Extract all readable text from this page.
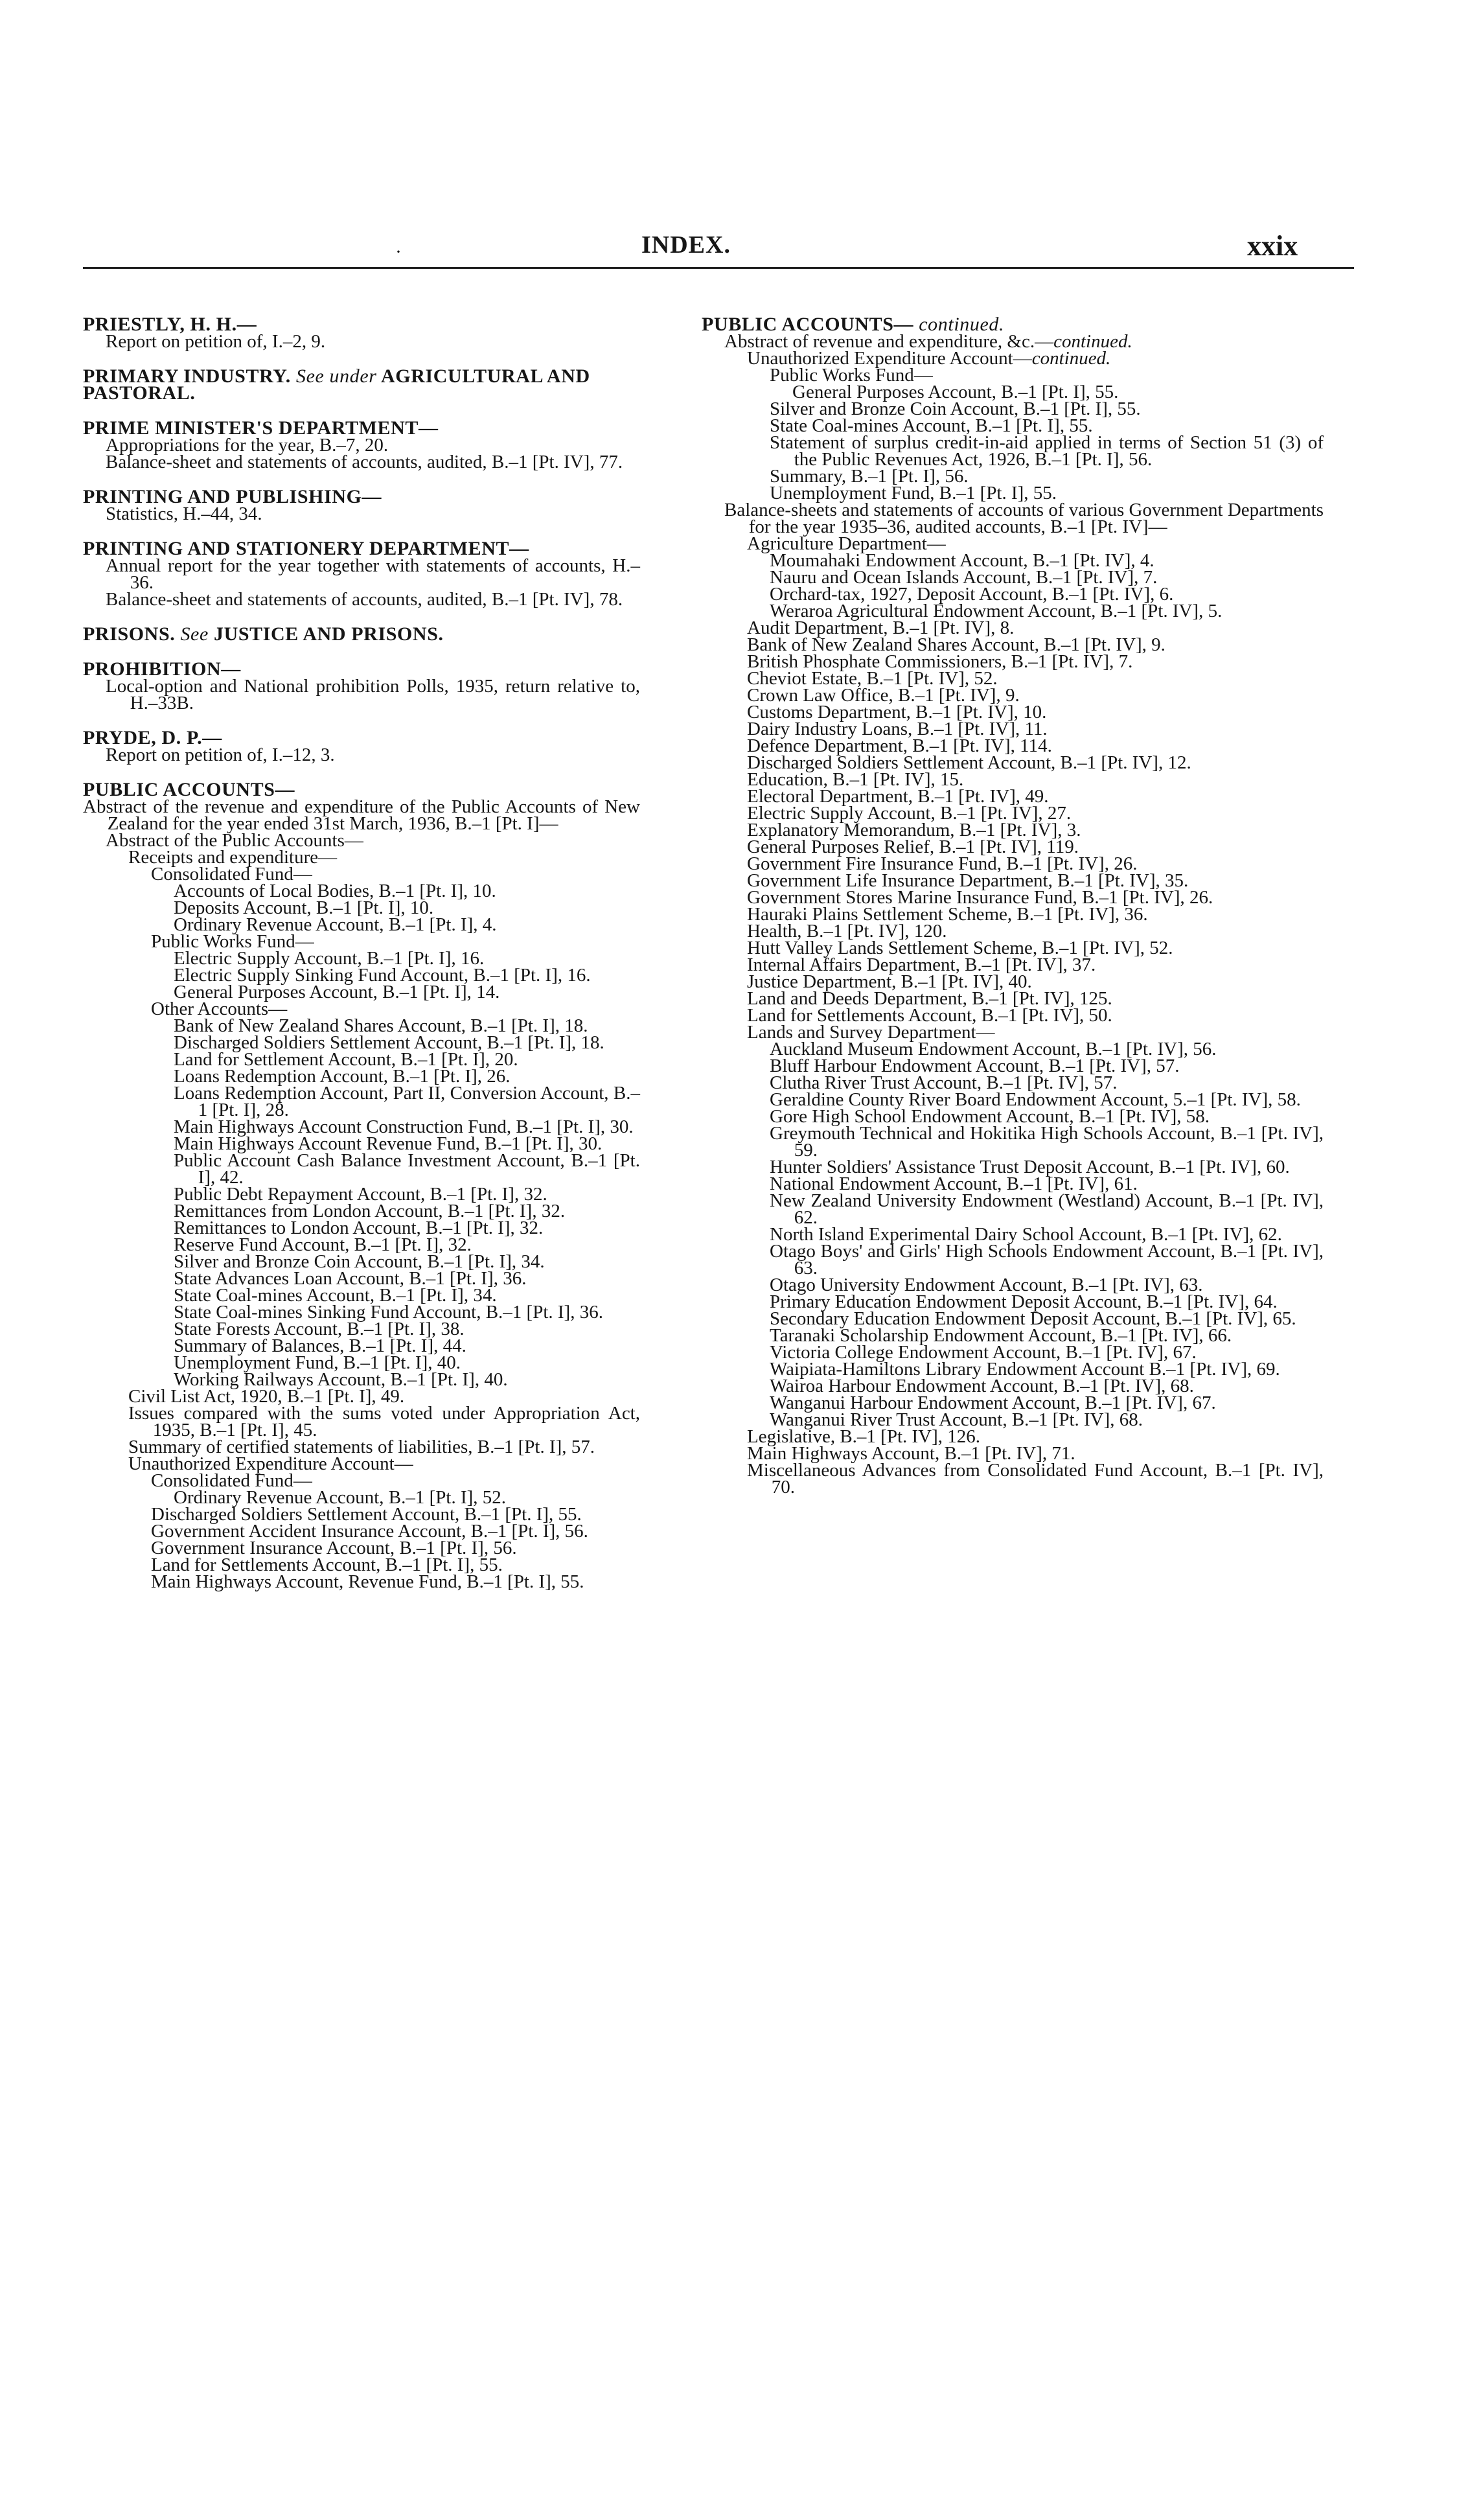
·	INDEX.	xxix
PRIESTLY, H. H.—
Report on petition of, I.–2, 9.
PRIMARY INDUSTRY. See under AGRICULTURAL AND PASTORAL.
PRIME MINISTER'S DEPARTMENT—
Appropriations for the year, B.–7, 20.
Balance-sheet and statements of accounts, audited, B.–1 [Pt. IV], 77.
PRINTING AND PUBLISHING—
Statistics, H.–44, 34.
PRINTING AND STATIONERY DEPARTMENT—
Annual report for the year together with statements of accounts, H.–36.
Balance-sheet and statements of accounts, audited, B.–1 [Pt. IV], 78.
PRISONS. See JUSTICE AND PRISONS.
PROHIBITION—
Local-option and National prohibition Polls, 1935, return relative to, H.–33B.
PRYDE, D. P.—
Report on petition of, I.–12, 3.
PUBLIC ACCOUNTS—
Abstract of the revenue and expenditure of the Public Accounts of New Zealand for the year ended 31st March, 1936, B.–1 [Pt. I]—
Abstract of the Public Accounts—
Receipts and expenditure—
Consolidated Fund—
Accounts of Local Bodies, B.–1 [Pt. I], 10.
Deposits Account, B.–1 [Pt. I], 10.
Ordinary Revenue Account, B.–1 [Pt. I], 4.
Public Works Fund—
Electric Supply Account, B.–1 [Pt. I], 16.
Electric Supply Sinking Fund Account, B.–1 [Pt. I], 16.
General Purposes Account, B.–1 [Pt. I], 14.
Other Accounts—
Bank of New Zealand Shares Account, B.–1 [Pt. I], 18.
Discharged Soldiers Settlement Account, B.–1 [Pt. I], 18.
Land for Settlement Account, B.–1 [Pt. I], 20.
Loans Redemption Account, B.–1 [Pt. I], 26.
Loans Redemption Account, Part II, Conversion Account, B.–1 [Pt. I], 28.
Main Highways Account Construction Fund, B.–1 [Pt. I], 30.
Main Highways Account Revenue Fund, B.–1 [Pt. I], 30.
Public Account Cash Balance Investment Account, B.–1 [Pt. I], 42.
Public Debt Repayment Account, B.–1 [Pt. I], 32.
Remittances from London Account, B.–1 [Pt. I], 32.
Remittances to London Account, B.–1 [Pt. I], 32.
Reserve Fund Account, B.–1 [Pt. I], 32.
Silver and Bronze Coin Account, B.–1 [Pt. I], 34.
State Advances Loan Account, B.–1 [Pt. I], 36.
State Coal-mines Account, B.–1 [Pt. I], 34.
State Coal-mines Sinking Fund Account, B.–1 [Pt. I], 36.
State Forests Account, B.–1 [Pt. I], 38.
Summary of Balances, B.–1 [Pt. I], 44.
Unemployment Fund, B.–1 [Pt. I], 40.
Working Railways Account, B.–1 [Pt. I], 40.
Civil List Act, 1920, B.–1 [Pt. I], 49.
Issues compared with the sums voted under Appropriation Act, 1935, B.–1 [Pt. I], 45.
Summary of certified statements of liabilities, B.–1 [Pt. I], 57.
Unauthorized Expenditure Account—
Consolidated Fund—
Ordinary Revenue Account, B.–1 [Pt. I], 52.
Discharged Soldiers Settlement Account, B.–1 [Pt. I], 55.
Government Accident Insurance Account, B.–1 [Pt. I], 56.
Government Insurance Account, B.–1 [Pt. I], 56.
Land for Settlements Account, B.–1 [Pt. I], 55.
Main Highways Account, Revenue Fund, B.–1 [Pt. I], 55.
PUBLIC ACCOUNTS— continued.
Abstract of revenue and expenditure, &c.—continued.
Unauthorized Expenditure Account—continued.
Public Works Fund—
General Purposes Account, B.–1 [Pt. I], 55.
Silver and Bronze Coin Account, B.–1 [Pt. I], 55.
State Coal-mines Account, B.–1 [Pt. I], 55.
Statement of surplus credit-in-aid applied in terms of Section 51 (3) of the Public Revenues Act, 1926, B.–1 [Pt. I], 56.
Summary, B.–1 [Pt. I], 56.
Unemployment Fund, B.–1 [Pt. I], 55.
Balance-sheets and statements of accounts of various Government Departments for the year 1935–36, audited accounts, B.–1 [Pt. IV]—
Agriculture Department—
Moumahaki Endowment Account, B.–1 [Pt. IV], 4.
Nauru and Ocean Islands Account, B.–1 [Pt. IV], 7.
Orchard-tax, 1927, Deposit Account, B.–1 [Pt. IV], 6.
Weraroa Agricultural Endowment Account, B.–1 [Pt. IV], 5.
Audit Department, B.–1 [Pt. IV], 8.
Bank of New Zealand Shares Account, B.–1 [Pt. IV], 9.
British Phosphate Commissioners, B.–1 [Pt. IV], 7.
Cheviot Estate, B.–1 [Pt. IV], 52.
Crown Law Office, B.–1 [Pt. IV], 9.
Customs Department, B.–1 [Pt. IV], 10.
Dairy Industry Loans, B.–1 [Pt. IV], 11.
Defence Department, B.–1 [Pt. IV], 114.
Discharged Soldiers Settlement Account, B.–1 [Pt. IV], 12.
Education, B.–1 [Pt. IV], 15.
Electoral Department, B.–1 [Pt. IV], 49.
Electric Supply Account, B.–1 [Pt. IV], 27.
Explanatory Memorandum, B.–1 [Pt. IV], 3.
General Purposes Relief, B.–1 [Pt. IV], 119.
Government Fire Insurance Fund, B.–1 [Pt. IV], 26.
Government Life Insurance Department, B.–1 [Pt. IV], 35.
Government Stores Marine Insurance Fund, B.–1 [Pt. IV], 26.
Hauraki Plains Settlement Scheme, B.–1 [Pt. IV], 36.
Health, B.–1 [Pt. IV], 120.
Hutt Valley Lands Settlement Scheme, B.–1 [Pt. IV], 52.
Internal Affairs Department, B.–1 [Pt. IV], 37.
Justice Department, B.–1 [Pt. IV], 40.
Land and Deeds Department, B.–1 [Pt. IV], 125.
Land for Settlements Account, B.–1 [Pt. IV], 50.
Lands and Survey Department—
Auckland Museum Endowment Account, B.–1 [Pt. IV], 56.
Bluff Harbour Endowment Account, B.–1 [Pt. IV], 57.
Clutha River Trust Account, B.–1 [Pt. IV], 57.
Geraldine County River Board Endowment Account, 5.–1 [Pt. IV], 58.
Gore High School Endowment Account, B.–1 [Pt. IV], 58.
Greymouth Technical and Hokitika High Schools Account, B.–1 [Pt. IV], 59.
Hunter Soldiers' Assistance Trust Deposit Account, B.–1 [Pt. IV], 60.
National Endowment Account, B.–1 [Pt. IV], 61.
New Zealand University Endowment (Westland) Account, B.–1 [Pt. IV], 62.
North Island Experimental Dairy School Account, B.–1 [Pt. IV], 62.
Otago Boys' and Girls' High Schools Endowment Account, B.–1 [Pt. IV], 63.
Otago University Endowment Account, B.–1 [Pt. IV], 63.
Primary Education Endowment Deposit Account, B.–1 [Pt. IV], 64.
Secondary Education Endowment Deposit Account, B.–1 [Pt. IV], 65.
Taranaki Scholarship Endowment Account, B.–1 [Pt. IV], 66.
Victoria College Endowment Account, B.–1 [Pt. IV], 67.
Waipiata-Hamiltons Library Endowment Account B.–1 [Pt. IV], 69.
Wairoa Harbour Endowment Account, B.–1 [Pt. IV], 68.
Wanganui Harbour Endowment Account, B.–1 [Pt. IV], 67.
Wanganui River Trust Account, B.–1 [Pt. IV], 68.
Legislative, B.–1 [Pt. IV], 126.
Main Highways Account, B.–1 [Pt. IV], 71.
Miscellaneous Advances from Consolidated Fund Account, B.–1 [Pt. IV], 70.
